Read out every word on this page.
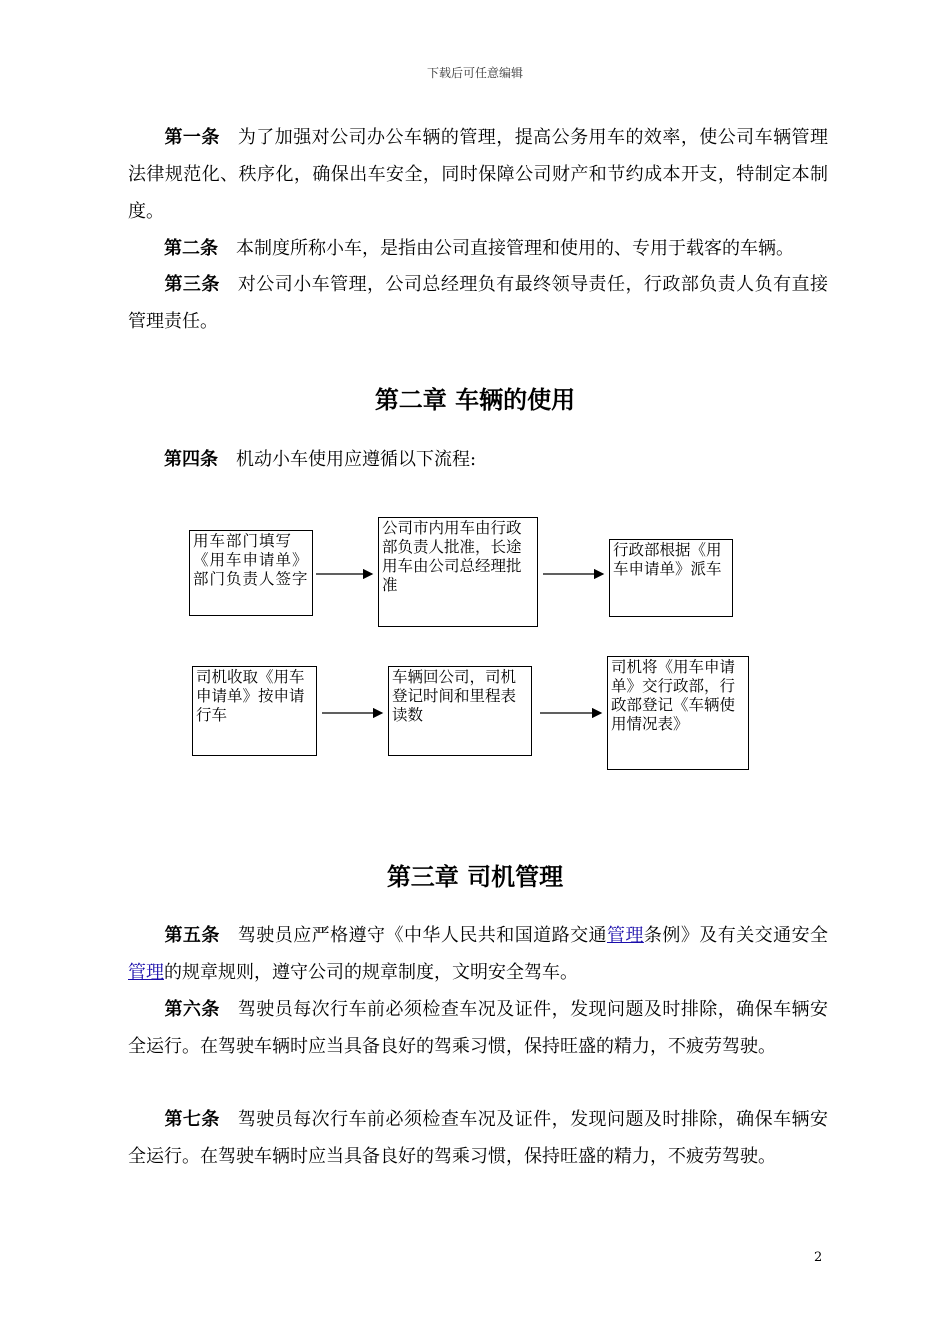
下载后可任意编辑
第一条 为了加强对公司办公车辆的管理，提高公务用车的效率，使公司车辆管理法律规范化、秩序化，确保出车安全，同时保障公司财产和节约成本开支，特制定本制度。
第二条 本制度所称小车，是指由公司直接管理和使用的、专用于载客的车辆。
第三条 对公司小车管理，公司总经理负有最终领导责任，行政部负责人负有直接管理责任。
第二章 车辆的使用
第四条 机动小车使用应遵循以下流程:
用车部门填写《用车申请单》部门负责人签字
公司市内用车由行政部负责人批准，长途用车由公司总经理批准
行政部根据《用车申请单》派车
司机收取《用车申请单》按申请行车
车辆回公司，司机登记时间和里程表读数
司机将《用车申请单》交行政部，行政部登记《车辆使用情况表》
第三章 司机管理
第五条 驾驶员应严格遵守《中华人民共和国道路交通管理条例》及有关交通安全管理的规章规则，遵守公司的规章制度，文明安全驾车。
第六条 驾驶员每次行车前必须检查车况及证件，发现问题及时排除，确保车辆安全运行。在驾驶车辆时应当具备良好的驾乘习惯，保持旺盛的精力，不疲劳驾驶。
第七条 驾驶员每次行车前必须检查车况及证件，发现问题及时排除，确保车辆安全运行。在驾驶车辆时应当具备良好的驾乘习惯，保持旺盛的精力，不疲劳驾驶。
2
